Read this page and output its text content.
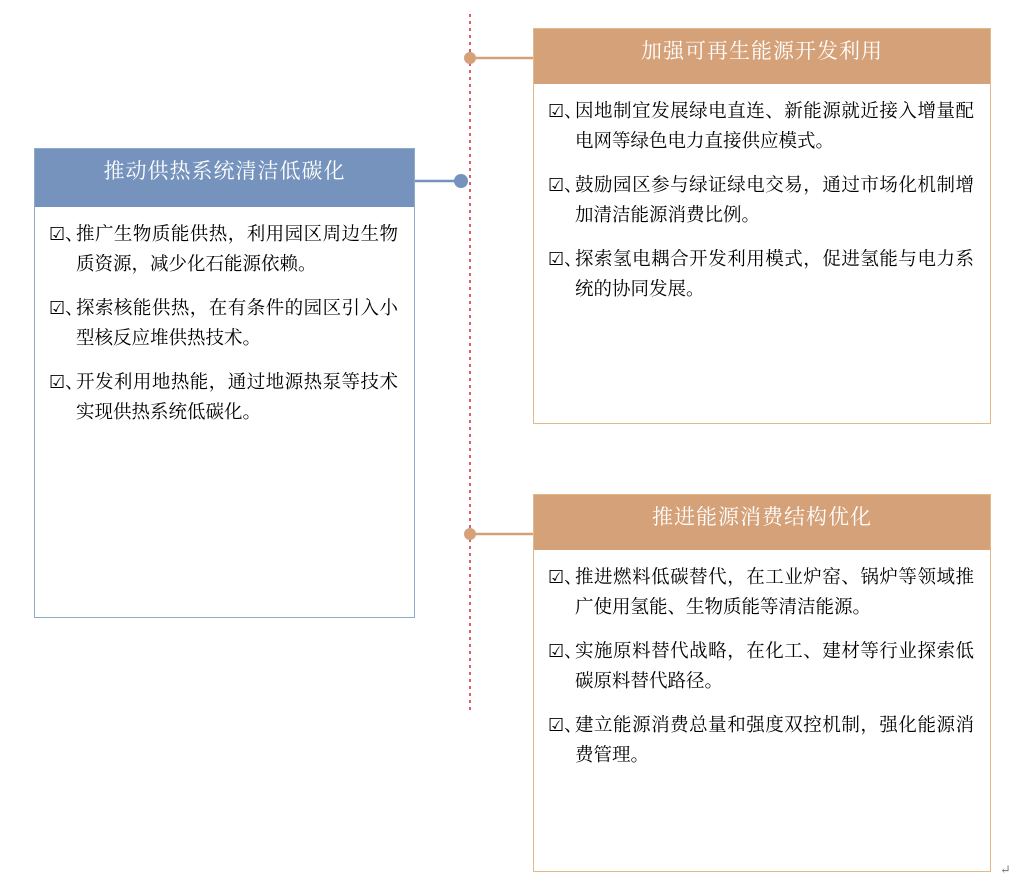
推动供热系统清洁低碳化
☑、
推广生物质能供热，利用园区周边生物质资源，减少化石能源依赖。
☑、
探索核能供热，在有条件的园区引入小型核反应堆供热技术。
☑、
开发利用地热能，通过地源热泵等技术实现供热系统低碳化。
加强可再生能源开发利用
☑、
因地制宜发展绿电直连、新能源就近接入增量配电网等绿色电力直接供应模式。
☑、
鼓励园区参与绿证绿电交易，通过市场化机制增加清洁能源消费比例。
☑、
探索氢电耦合开发利用模式，促进氢能与电力系统的协同发展。
推进能源消费结构优化
☑、
推进燃料低碳替代，在工业炉窑、锅炉等领域推广使用氢能、生物质能等清洁能源。
☑、
实施原料替代战略，在化工、建材等行业探索低碳原料替代路径。
☑、
建立能源消费总量和强度双控机制，强化能源消费管理。
↵
